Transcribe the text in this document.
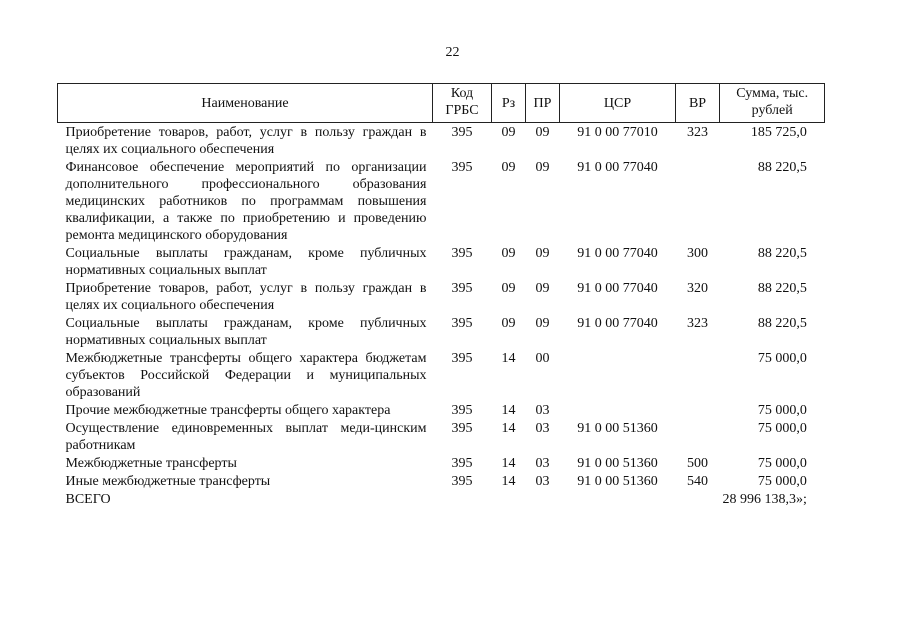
22
Наименование	Код ГРБС	Рз	ПР	ЦСР	ВР	Сумма, тыс. рублей
Приобретение товаров, работ, услуг в пользу граждан в целях их социального обеспечения	395	09	09	91 0 00 77010	323	185 725,0
Финансовое обеспечение мероприятий по организации дополнительного профессионального образования медицинских работников по программам повышения квалификации, а также по приобретению и проведению ремонта медицинского оборудования	395	09	09	91 0 00 77040		88 220,5
Социальные выплаты гражданам, кроме публичных нормативных социальных выплат	395	09	09	91 0 00 77040	300	88 220,5
Приобретение товаров, работ, услуг в пользу граждан в целях их социального обеспечения	395	09	09	91 0 00 77040	320	88 220,5
Социальные выплаты гражданам, кроме публичных нормативных социальных выплат	395	09	09	91 0 00 77040	323	88 220,5
Межбюджетные трансферты общего характера бюджетам субъектов Российской Федерации и муниципальных образований	395	14	00			75 000,0
Прочие межбюджетные трансферты общего характера	395	14	03			75 000,0
Осуществление единовременных выплат меди-цинским работникам	395	14	03	91 0 00 51360		75 000,0
Межбюджетные трансферты	395	14	03	91 0 00 51360	500	75 000,0
Иные межбюджетные трансферты	395	14	03	91 0 00 51360	540	75 000,0
ВСЕГО						28 996 138,3»;
